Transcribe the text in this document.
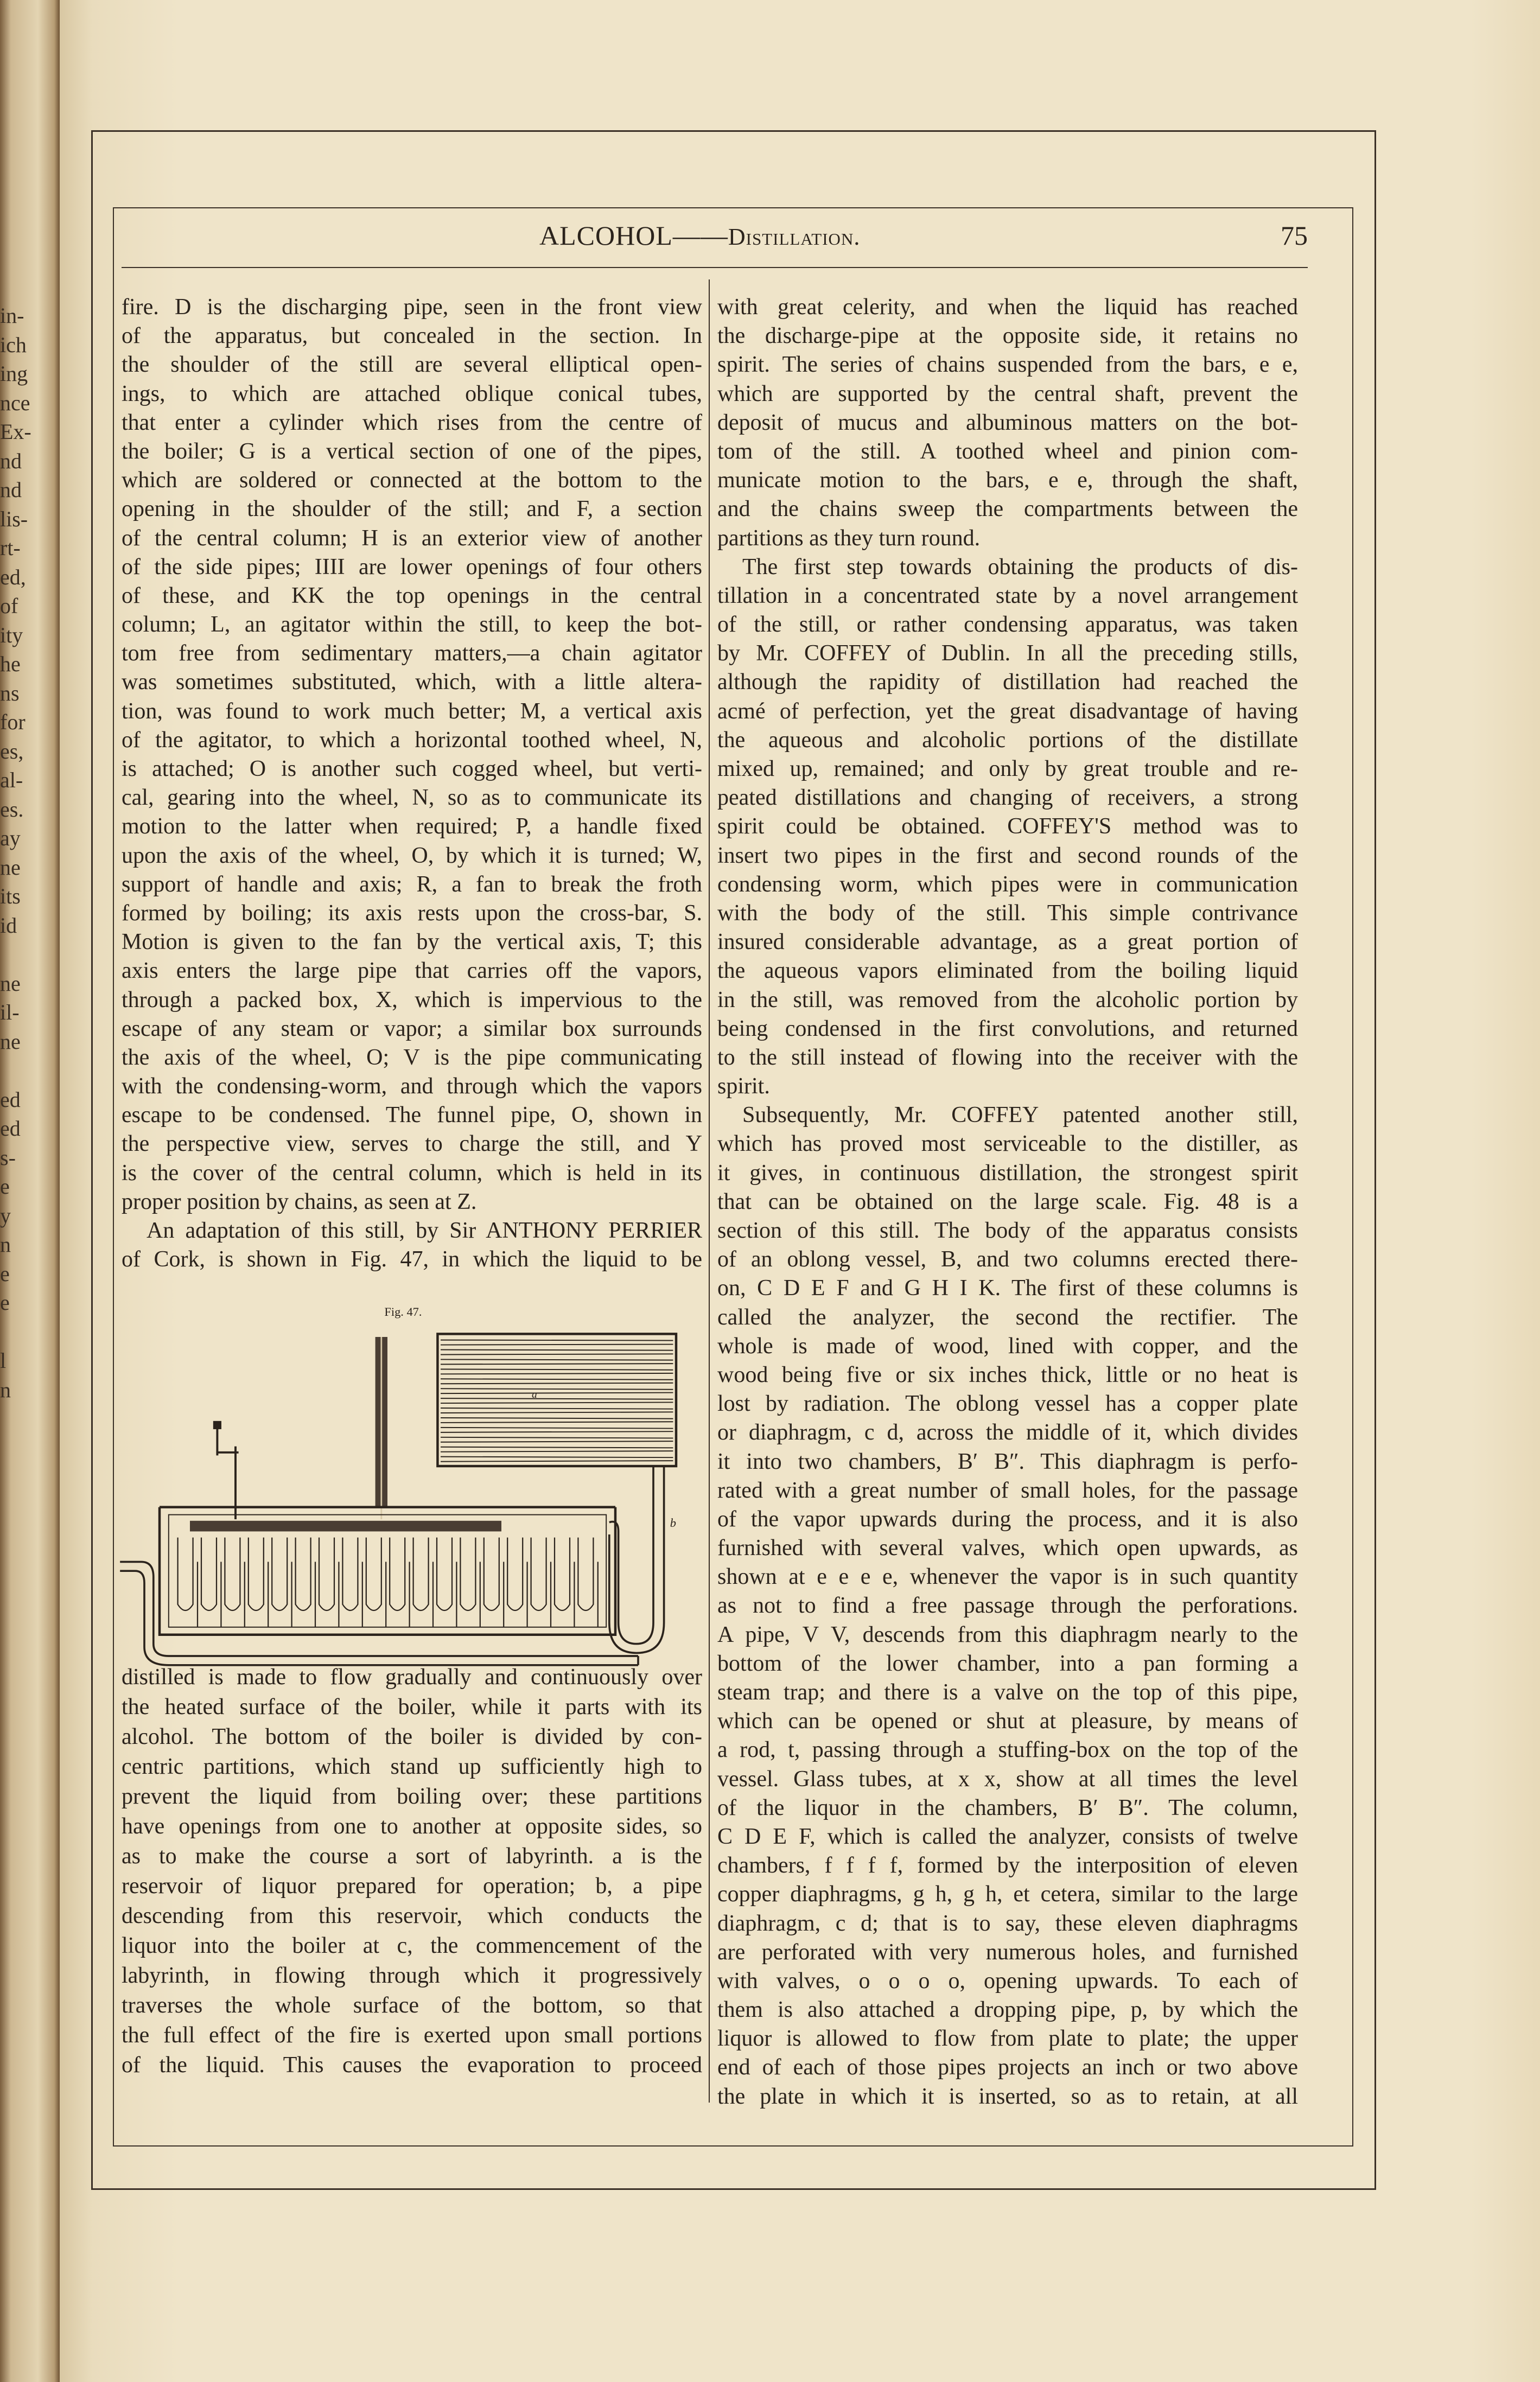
in-
ich
ing
nce
Ex-
nd
nd
lis-
rt-
ed,
of
ity
he
ns
for
es,
al-
es.
ay
ne
its
id
ne
il-
ne
ed
ed
s-
e
y
n
e
e
l
n
ALCOHOL——Distillation.	75
fire. D is the discharging pipe, seen in the front view
of the apparatus, but concealed in the section. In
the shoulder of the still are several elliptical open-
ings, to which are attached oblique conical tubes,
that enter a cylinder which rises from the centre of
the boiler; G is a vertical section of one of the pipes,
which are soldered or connected at the bottom to the
opening in the shoulder of the still; and F, a section
of the central column; H is an exterior view of another
of the side pipes; IIII are lower openings of four others
of these, and KK the top openings in the central
column; L, an agitator within the still, to keep the bot-
tom free from sedimentary matters,—a chain agitator
was sometimes substituted, which, with a little altera-
tion, was found to work much better; M, a vertical axis
of the agitator, to which a horizontal toothed wheel, N,
is attached; O is another such cogged wheel, but verti-
cal, gearing into the wheel, N, so as to communicate its
motion to the latter when required; P, a handle fixed
upon the axis of the wheel, O, by which it is turned; W,
support of handle and axis; R, a fan to break the froth
formed by boiling; its axis rests upon the cross-bar, S.
Motion is given to the fan by the vertical axis, T; this
axis enters the large pipe that carries off the vapors,
through a packed box, X, which is impervious to the
escape of any steam or vapor; a similar box surrounds
the axis of the wheel, O; V is the pipe communicating
with the condensing-worm, and through which the vapors
escape to be condensed. The funnel pipe, O, shown in
the perspective view, serves to charge the still, and Y
is the cover of the central column, which is held in its
proper position by chains, as seen at Z.
An adaptation of this still, by Sir ANTHONY PERRIER
of Cork, is shown in Fig. 47, in which the liquid to be
Fig. 47.
a
b
distilled is made to flow gradually and continuously over
the heated surface of the boiler, while it parts with its
alcohol. The bottom of the boiler is divided by con-
centric partitions, which stand up sufficiently high to
prevent the liquid from boiling over; these partitions
have openings from one to another at opposite sides, so
as to make the course a sort of labyrinth. a is the
reservoir of liquor prepared for operation; b, a pipe
descending from this reservoir, which conducts the
liquor into the boiler at c, the commencement of the
labyrinth, in flowing through which it progressively
traverses the whole surface of the bottom, so that
the full effect of the fire is exerted upon small portions
of the liquid. This causes the evaporation to proceed
with great celerity, and when the liquid has reached
the discharge-pipe at the opposite side, it retains no
spirit. The series of chains suspended from the bars, e e,
which are supported by the central shaft, prevent the
deposit of mucus and albuminous matters on the bot-
tom of the still. A toothed wheel and pinion com-
municate motion to the bars, e e, through the shaft,
and the chains sweep the compartments between the
partitions as they turn round.
The first step towards obtaining the products of dis-
tillation in a concentrated state by a novel arrangement
of the still, or rather condensing apparatus, was taken
by Mr. COFFEY of Dublin. In all the preceding stills,
although the rapidity of distillation had reached the
acmé of perfection, yet the great disadvantage of having
the aqueous and alcoholic portions of the distillate
mixed up, remained; and only by great trouble and re-
peated distillations and changing of receivers, a strong
spirit could be obtained. COFFEY'S method was to
insert two pipes in the first and second rounds of the
condensing worm, which pipes were in communication
with the body of the still. This simple contrivance
insured considerable advantage, as a great portion of
the aqueous vapors eliminated from the boiling liquid
in the still, was removed from the alcoholic portion by
being condensed in the first convolutions, and returned
to the still instead of flowing into the receiver with the
spirit.
Subsequently, Mr. COFFEY patented another still,
which has proved most serviceable to the distiller, as
it gives, in continuous distillation, the strongest spirit
that can be obtained on the large scale. Fig. 48 is a
section of this still. The body of the apparatus consists
of an oblong vessel, B, and two columns erected there-
on, C D E F and G H I K. The first of these columns is
called the analyzer, the second the rectifier. The
whole is made of wood, lined with copper, and the
wood being five or six inches thick, little or no heat is
lost by radiation. The oblong vessel has a copper plate
or diaphragm, c d, across the middle of it, which divides
it into two chambers, B′ B″. This diaphragm is perfo-
rated with a great number of small holes, for the passage
of the vapor upwards during the process, and it is also
furnished with several valves, which open upwards, as
shown at e e e e, whenever the vapor is in such quantity
as not to find a free passage through the perforations.
A pipe, V V, descends from this diaphragm nearly to the
bottom of the lower chamber, into a pan forming a
steam trap; and there is a valve on the top of this pipe,
which can be opened or shut at pleasure, by means of
a rod, t, passing through a stuffing-box on the top of the
vessel. Glass tubes, at x x, show at all times the level
of the liquor in the chambers, B′ B″. The column,
C D E F, which is called the analyzer, consists of twelve
chambers, f f f f, formed by the interposition of eleven
copper diaphragms, g h, g h, et cetera, similar to the large
diaphragm, c d; that is to say, these eleven diaphragms
are perforated with very numerous holes, and furnished
with valves, o o o o, opening upwards. To each of
them is also attached a dropping pipe, p, by which the
liquor is allowed to flow from plate to plate; the upper
end of each of those pipes projects an inch or two above
the plate in which it is inserted, so as to retain, at all
